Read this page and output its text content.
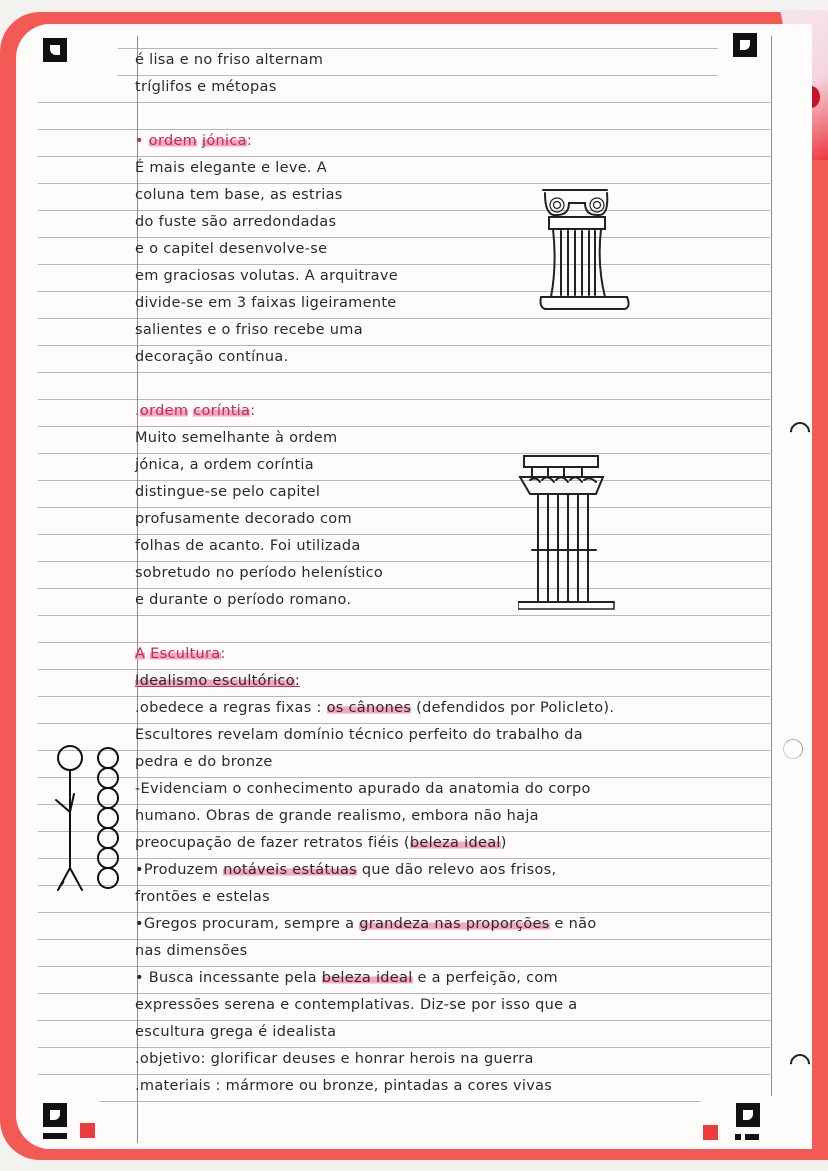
é lisa e no friso alternam
tríglifos e métopas
• ordem jónica:
É mais elegante e leve. A
coluna tem base, as estrias
do fuste são arredondadas
e o capitel desenvolve-se
em graciosas volutas. A arquitrave
divide-se em 3 faixas ligeiramente
salientes e o friso recebe uma
decoração contínua.
.ordem coríntia:
Muito semelhante à ordem
jónica, a ordem coríntia
distingue-se pelo capitel
profusamente decorado com
folhas de acanto. Foi utilizada
sobretudo no período helenístico
e durante o período romano.
A Escultura:
Idealismo escultórico:
.obedece a regras fixas : os cânones (defendidos por Policleto).
Escultores revelam domínio técnico perfeito do trabalho da
pedra e do bronze
-Evidenciam o conhecimento apurado da anatomia do corpo
humano. Obras de grande realismo, embora não haja
preocupação de fazer retratos fiéis (beleza ideal)
•Produzem notáveis estátuas que dão relevo aos frisos,
frontões e estelas
•Gregos procuram, sempre a grandeza nas proporções e não
nas dimensões
• Busca incessante pela beleza ideal e a perfeição, com
expressões serena e contemplativas. Diz-se por isso que a
escultura grega é idealista
.objetivo: glorificar deuses e honrar herois na guerra
.materiais : mármore ou bronze, pintadas a cores vivas
